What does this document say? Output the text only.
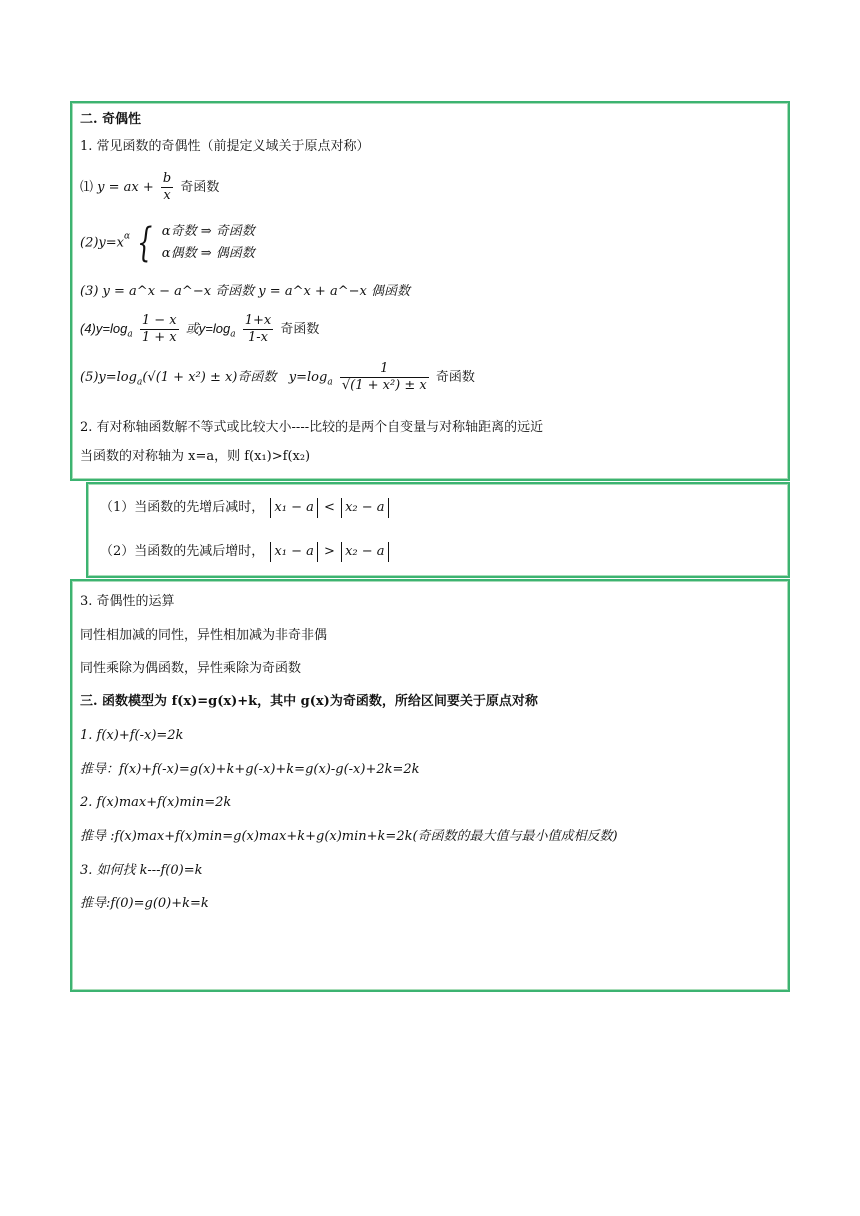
二. 奇偶性
1. 常见函数的奇偶性（前提定义域关于原点对称）
⑴ y = ax + $\frac{b}{x}$ 奇函数
$(2)y=x^\alpha$ { α奇数 ⇒ 奇函数
α偶数 ⇒ 偶函数
(3) y = a^x − a^−x 奇函数 y = a^x + a^−x 偶函数
$(4)y=\log_a \frac{1 - x}{1 + x}$ 或$y=\log_a \frac{1+x}{1-x}$ 奇函数
$(5)y=\log_a(√(1 + x^2) \pm x)$奇函数 $y=\log_a \frac{1}{\text{√(1 + x²) ± x}}$ 奇函数
2. 有对称轴函数解不等式或比较大小----比较的是两个自变量与对称轴距离的远近
当函数的对称轴为 x=a，则 f(x₁)>f(x₂)
（1）当函数的先增后减时， x₁ − a < x₂ − a
（2）当函数的先减后增时， x₁ − a > x₂ − a
3. 奇偶性的运算
同性相加减的同性，异性相加减为非奇非偶
同性乘除为偶函数，异性乘除为奇函数
三. 函数模型为 f(x)=g(x)+k，其中 g(x)为奇函数，所给区间要关于原点对称
1. f(x)+f(-x)=2k
推导：f(x)+f(-x)=g(x)+k+g(-x)+k=g(x)-g(-x)+2k=2k
2. f(x)max+f(x)min=2k
推导 :f(x)max+f(x)min=g(x)max+k+g(x)min+k=2k(奇函数的最大值与最小值成相反数)
3. 如何找 k---f(0)=k
推导:f(0)=g(0)+k=k
